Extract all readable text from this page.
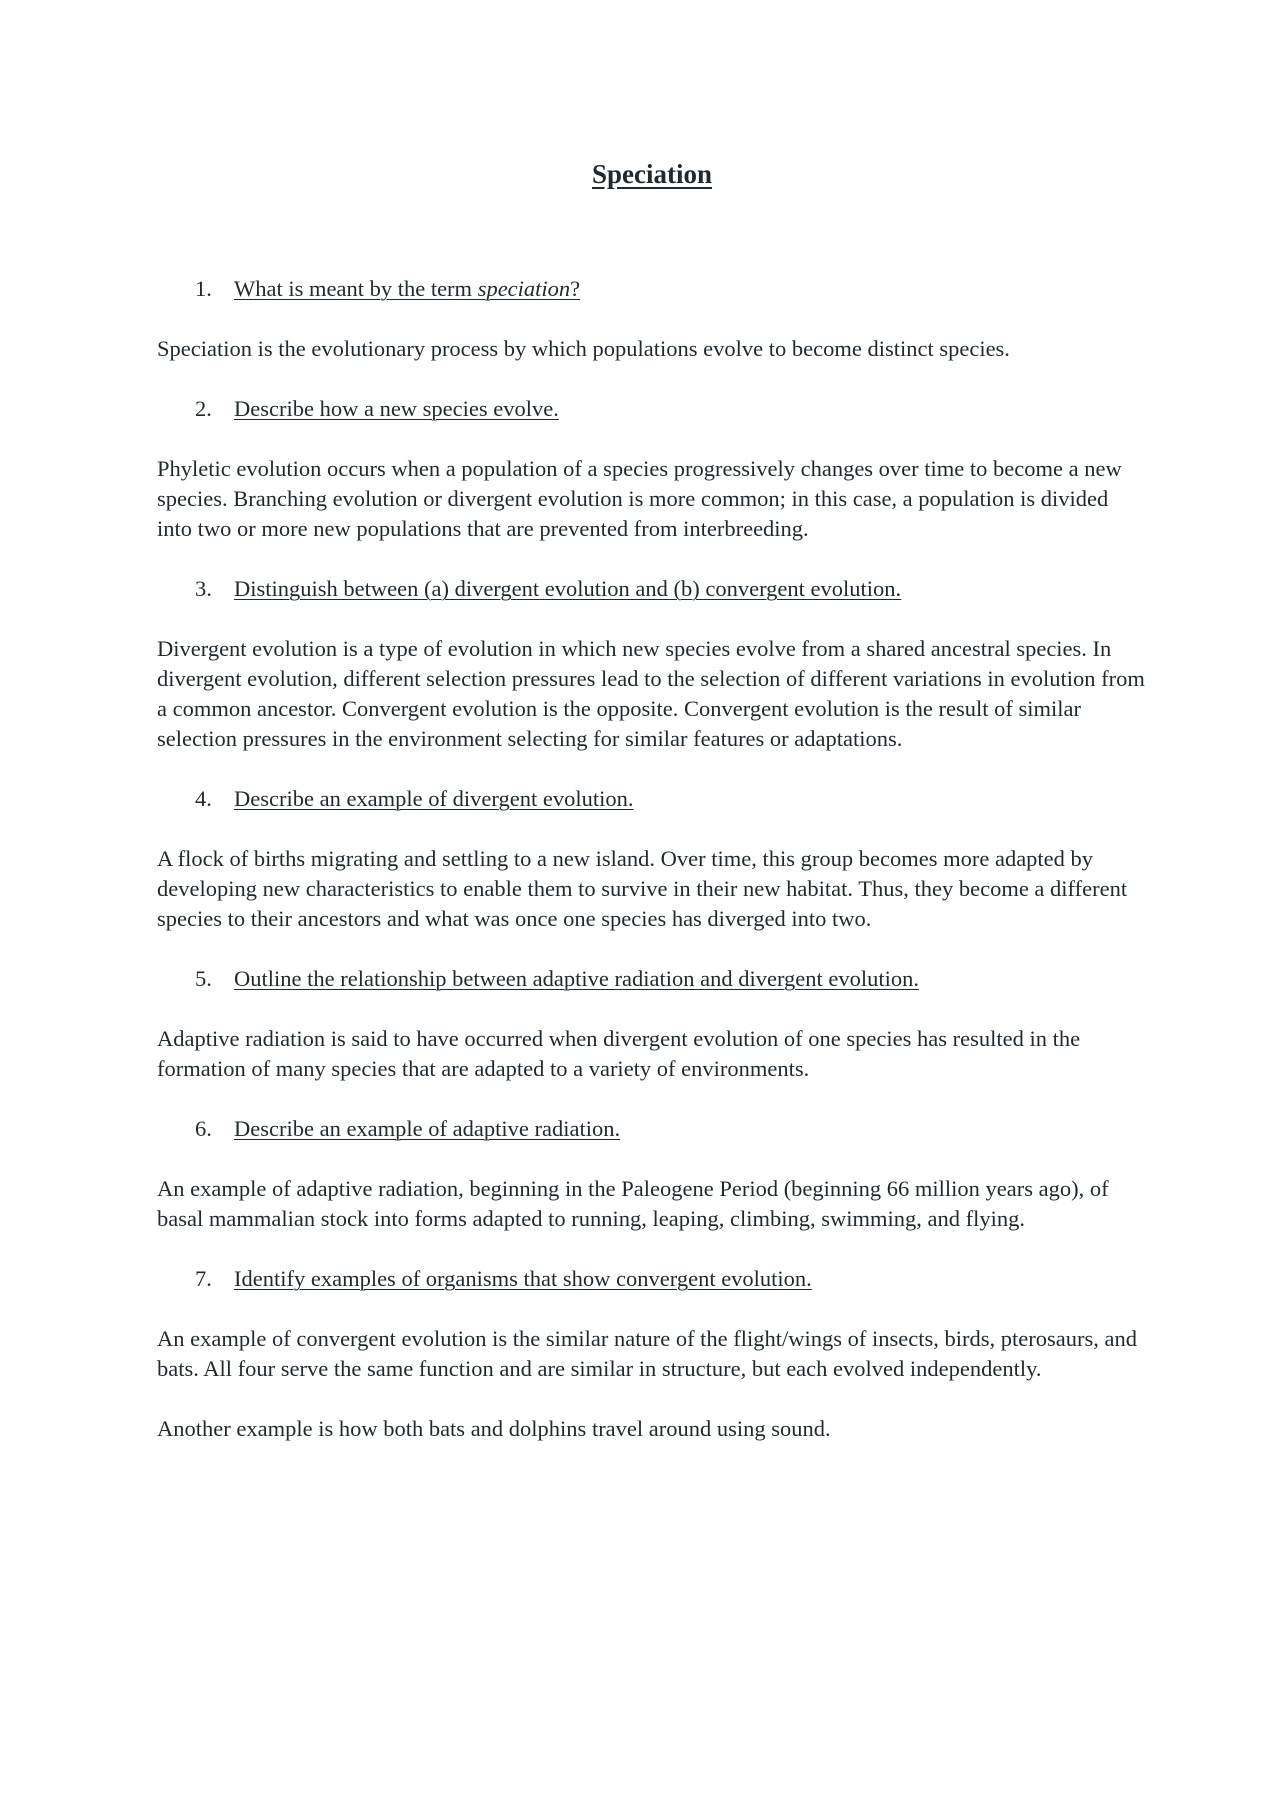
Speciation
1. What is meant by the term speciation?

Speciation is the evolutionary process by which populations evolve to become distinct species.

2. Describe how a new species evolve.

Phyletic evolution occurs when a population of a species progressively changes over time to become a new species. Branching evolution or divergent evolution is more common; in this case, a population is divided into two or more new populations that are prevented from interbreeding.

3. Distinguish between (a) divergent evolution and (b) convergent evolution.

Divergent evolution is a type of evolution in which new species evolve from a shared ancestral species. In divergent evolution, different selection pressures lead to the selection of different variations in evolution from a common ancestor. Convergent evolution is the opposite. Convergent evolution is the result of similar selection pressures in the environment selecting for similar features or adaptations.

4. Describe an example of divergent evolution.

A flock of births migrating and settling to a new island. Over time, this group becomes more adapted by developing new characteristics to enable them to survive in their new habitat. Thus, they become a different species to their ancestors and what was once one species has diverged into two.

5. Outline the relationship between adaptive radiation and divergent evolution.

Adaptive radiation is said to have occurred when divergent evolution of one species has resulted in the formation of many species that are adapted to a variety of environments.

6. Describe an example of adaptive radiation.

An example of adaptive radiation, beginning in the Paleogene Period (beginning 66 million years ago), of basal mammalian stock into forms adapted to running, leaping, climbing, swimming, and flying.

7. Identify examples of organisms that show convergent evolution.

An example of convergent evolution is the similar nature of the flight/wings of insects, birds, pterosaurs, and bats. All four serve the same function and are similar in structure, but each evolved independently.

Another example is how both bats and dolphins travel around using sound.
